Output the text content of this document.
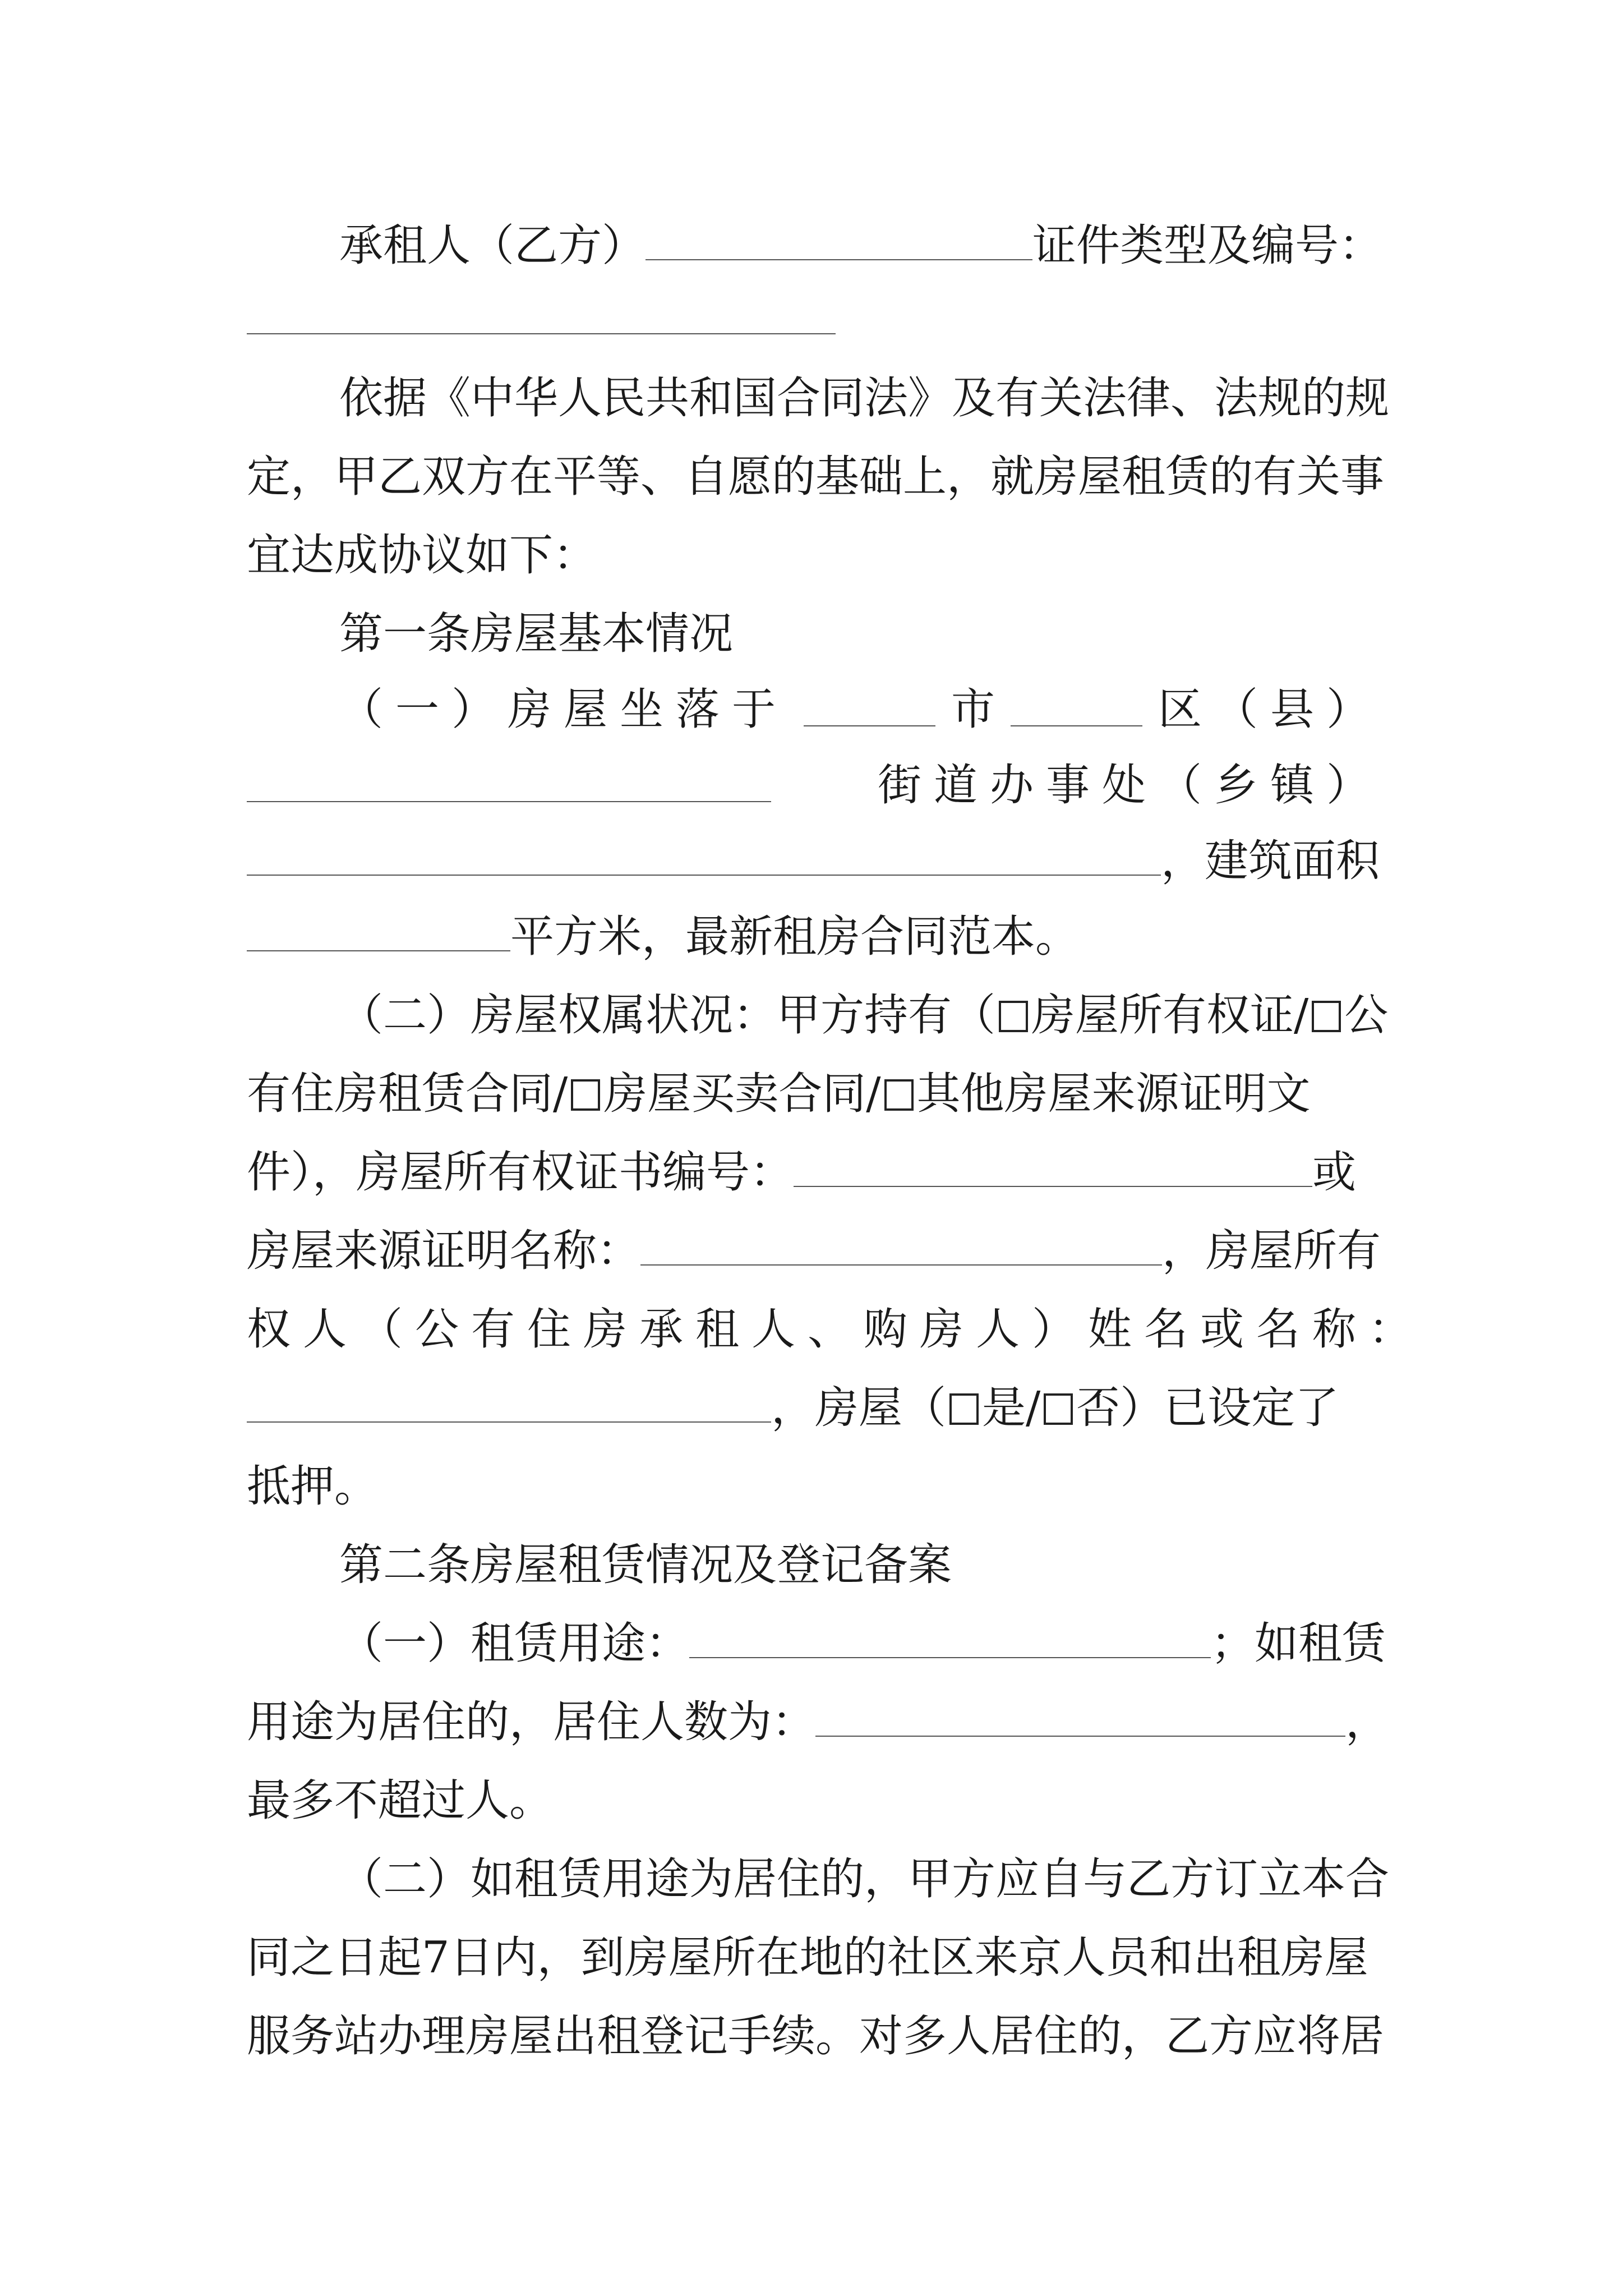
承租人（乙方）	证件类型及编号：
依据《中华人民共和国合同法》及有关法律、法规的规
定，甲乙双方在平等、自愿的基础上，就房屋租赁的有关事
宜达成协议如下：
第一条房屋基本情况
（一）房屋坐落于	市	区（县）
街道办事处（乡镇）
，建筑面积
平方米，最新租房合同范本。
（二）房屋权属状况：甲方持有（ 房屋所有权证/ 公
有住房租赁合同/ 房屋买卖合同/ 其他房屋来源证明文
件），房屋所有权证书编号：	或
房屋来源证明名称：	，房屋所有
权人（公有住房承租人、购房人）姓名或名称：
，房屋（ 是/ 否）已设定了
抵押。
第二条房屋租赁情况及登记备案
（一）租赁用途：	；如租赁
用途为居住的，居住人数为：	，
最多不超过人。
（二）如租赁用途为居住的，甲方应自与乙方订立本合
同之日起7日内，到房屋所在地的社区来京人员和出租房屋
服务站办理房屋出租登记手续。对多人居住的，乙方应将居
